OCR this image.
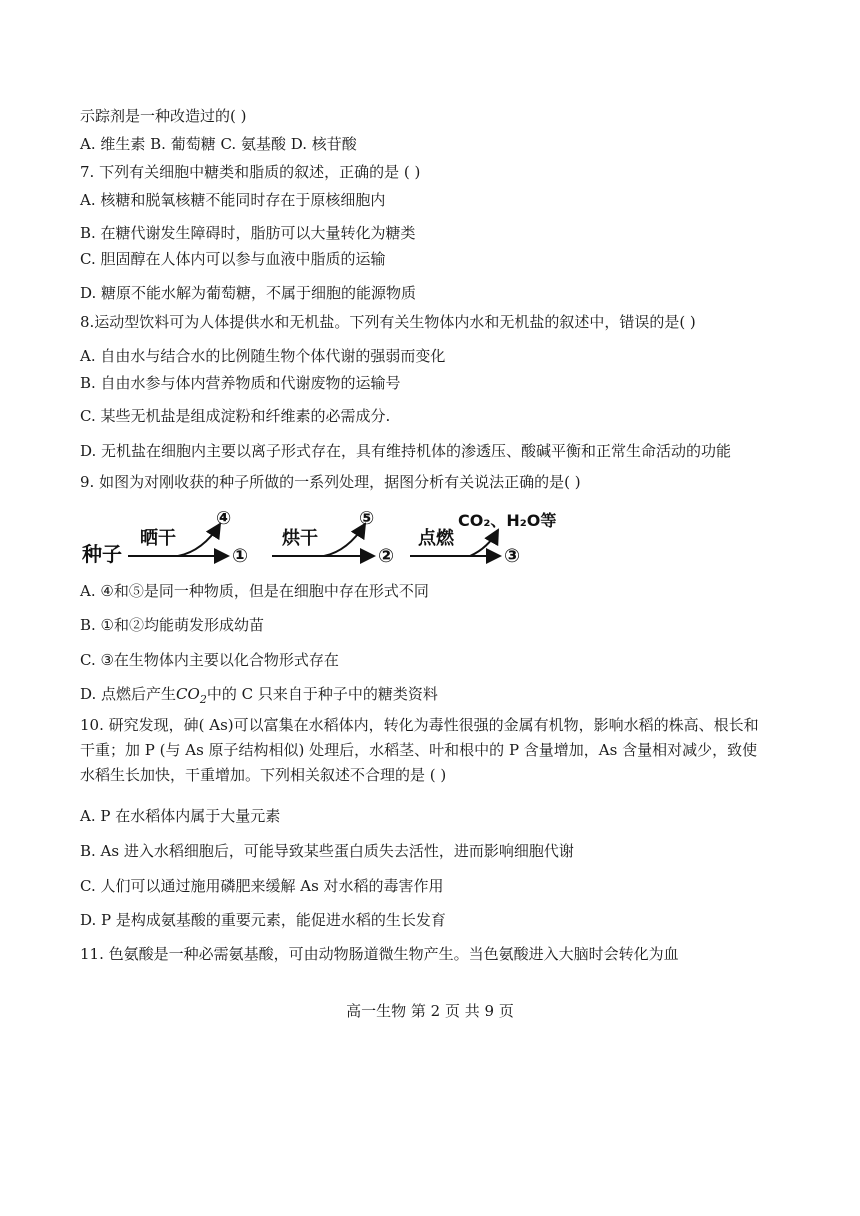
示踪剂是一种改造过的( )
A. 维生素 B. 葡萄糖 C. 氨基酸 D. 核苷酸
7. 下列有关细胞中糖类和脂质的叙述，正确的是 ( )
A. 核糖和脱氧核糖不能同时存在于原核细胞内
B. 在糖代谢发生障碍时，脂肪可以大量转化为糖类
C. 胆固醇在人体内可以参与血液中脂质的运输
D. 糖原不能水解为葡萄糖，不属于细胞的能源物质
8.运动型饮料可为人体提供水和无机盐。下列有关生物体内水和无机盐的叙述中，错误的是( )
A. 自由水与结合水的比例随生物个体代谢的强弱而变化
B. 自由水参与体内营养物质和代谢废物的运输号
C. 某些无机盐是组成淀粉和纤维素的必需成分.
D. 无机盐在细胞内主要以离子形式存在，具有维持机体的渗透压、酸碱平衡和正常生命活动的功能
9. 如图为对刚收获的种子所做的一系列处理，据图分析有关说法正确的是( )
种子
晒干
④
①
烘干
⑤
②
点燃
CO₂、H₂O等
③
A. ④和⑤是同一种物质，但是在细胞中存在形式不同
B. ①和②均能萌发形成幼苗
C. ③在生物体内主要以化合物形式存在
D. 点燃后产生$CO_2$中的 C 只来自于种子中的糖类资料
10. 研究发现，砷( As)可以富集在水稻体内，转化为毒性很强的金属有机物，影响水稻的株高、根长和干重；加 P (与 As 原子结构相似) 处理后，水稻茎、叶和根中的 P 含量增加，As 含量相对减少，致使水稻生长加快，干重增加。下列相关叙述不合理的是 ( )
A. P 在水稻体内属于大量元素
B. As 进入水稻细胞后，可能导致某些蛋白质失去活性，进而影响细胞代谢
C. 人们可以通过施用磷肥来缓解 As 对水稻的毒害作用
D. P 是构成氨基酸的重要元素，能促进水稻的生长发育
11. 色氨酸是一种必需氨基酸，可由动物肠道微生物产生。当色氨酸进入大脑时会转化为血
高一生物 第 2 页 共 9 页
